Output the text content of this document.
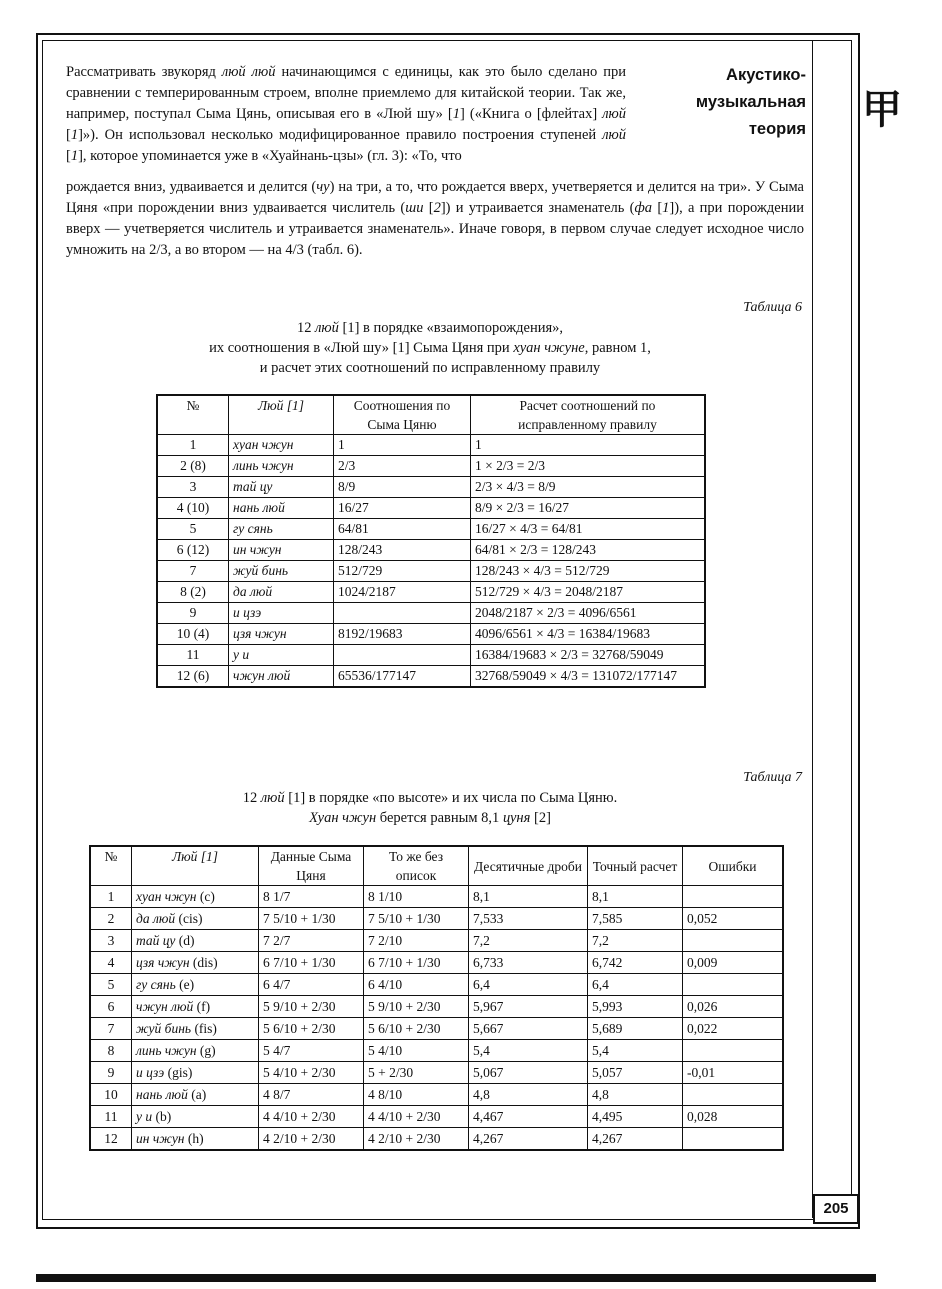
甲
Акустико-
музыкальная
теория

Рассматривать звукоряд люй люй начинающимся с единицы, как это было сделано при сравнении с темперированным строем, вполне приемлемо для китайской теории. Так же, например, поступал Сыма Цянь, описывая его в «Люй шу» [1] («Книга о [флейтах] люй [1]»). Он использовал несколько модифицированное правило построения ступеней люй [1], которое упоминается уже в «Хуайнань-цзы» (гл. 3): «То, что

рождается вниз, удваивается и делится (чу) на три, а то, что рождается вверх, учетверяется и делится на три». У Сыма Цяня «при порождении вниз удваивается числитель (ши [2]) и утраивается знаменатель (фа [1]), а при порождении вверх — учетверяется числитель и утраивается знаменатель». Иначе говоря, в первом случае следует исходное число умножить на 2/3, а во втором — на 4/3 (табл. 6).

Таблица 6

12 люй [1] в порядке «взаимопорождения»,

их соотношения в «Люй шу» [1] Сыма Цяня при хуан чжуне, равном 1,

и расчет этих соотношений по исправленному правилу

№	Люй [1]	Соотношения по Сыма Цяню	Расчет соотношений по исправленному правилу
1	хуан чжун	1	1
2 (8)	линь чжун	2/3	1 × 2/3 = 2/3
3	тай цу	8/9	2/3 × 4/3 = 8/9
4 (10)	нань люй	16/27	8/9 × 2/3 = 16/27
5	гу сянь	64/81	16/27 × 4/3 = 64/81
6 (12)	ин чжун	128/243	64/81 × 2/3 = 128/243
7	жуй бинь	512/729	128/243 × 4/3 = 512/729
8 (2)	да люй	1024/2187	512/729 × 4/3 = 2048/2187
9	и цзэ		2048/2187 × 2/3 = 4096/6561
10 (4)	цзя чжун	8192/19683	4096/6561 × 4/3 = 16384/19683
11	у и		16384/19683 × 2/3 = 32768/59049
12 (6)	чжун люй	65536/177147	32768/59049 × 4/3 = 131072/177147
Таблица 7

12 люй [1] в порядке «по высоте» и их числа по Сыма Цяню.

Хуан чжун берется равным 8,1 цуня [2]

№	Люй [1]	Данные Сыма Цяня	То же без описок	Десятичные дроби	Точный расчет	Ошибки
1	хуан чжун (c)	8 1/7	8 1/10	8,1	8,1	
2	да люй (cis)	7 5/10 + 1/30	7 5/10 + 1/30	7,533	7,585	0,052
3	тай цу (d)	7 2/7	7 2/10	7,2	7,2	
4	цзя чжун (dis)	6 7/10 + 1/30	6 7/10 + 1/30	6,733	6,742	0,009
5	гу сянь (e)	6 4/7	6 4/10	6,4	6,4	
6	чжун люй (f)	5 9/10 + 2/30	5 9/10 + 2/30	5,967	5,993	0,026
7	жуй бинь (fis)	5 6/10 + 2/30	5 6/10 + 2/30	5,667	5,689	0,022
8	линь чжун (g)	5 4/7	5 4/10	5,4	5,4	
9	и цзэ (gis)	5 4/10 + 2/30	5 + 2/30	5,067	5,057	-0,01
10	нань люй (a)	4 8/7	4 8/10	4,8	4,8	
11	у и (b)	4 4/10 + 2/30	4 4/10 + 2/30	4,467	4,495	0,028
12	ин чжун (h)	4 2/10 + 2/30	4 2/10 + 2/30	4,267	4,267	
205
